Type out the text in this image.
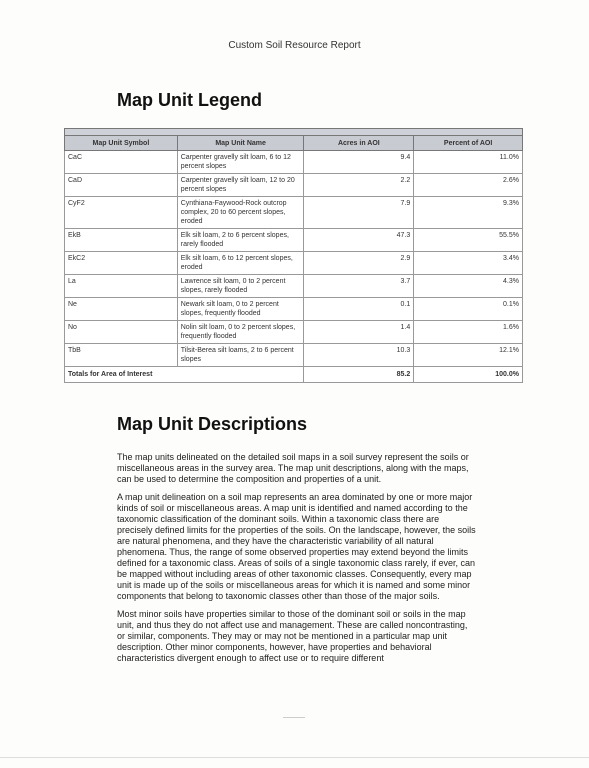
Custom Soil Resource Report
Map Unit Legend

Map Unit Symbol	Map Unit Name	Acres in AOI	Percent of AOI
CaC	Carpenter gravelly silt loam, 6 to 12 percent slopes	9.4	11.0%
CaD	Carpenter gravelly silt loam, 12 to 20 percent slopes	2.2	2.6%
CyF2	Cynthiana-Faywood-Rock outcrop complex, 20 to 60 percent slopes, eroded	7.9	9.3%
EkB	Elk silt loam, 2 to 6 percent slopes, rarely flooded	47.3	55.5%
EkC2	Elk silt loam, 6 to 12 percent slopes, eroded	2.9	3.4%
La	Lawrence silt loam, 0 to 2 percent slopes, rarely flooded	3.7	4.3%
Ne	Newark silt loam, 0 to 2 percent slopes, frequently flooded	0.1	0.1%
No	Nolin silt loam, 0 to 2 percent slopes, frequently flooded	1.4	1.6%
TbB	Tilsit-Berea silt loams, 2 to 6 percent slopes	10.3	12.1%
Totals for Area of Interest		85.2	100.0%
Map Unit Descriptions

The map units delineated on the detailed soil maps in a soil survey represent the soils or miscellaneous areas in the survey area. The map unit descriptions, along with the maps, can be used to determine the composition and properties of a unit.

A map unit delineation on a soil map represents an area dominated by one or more major kinds of soil or miscellaneous areas. A map unit is identified and named according to the taxonomic classification of the dominant soils. Within a taxonomic class there are precisely defined limits for the properties of the soils. On the landscape, however, the soils are natural phenomena, and they have the characteristic variability of all natural phenomena. Thus, the range of some observed properties may extend beyond the limits defined for a taxonomic class. Areas of soils of a single taxonomic class rarely, if ever, can be mapped without including areas of other taxonomic classes. Consequently, every map unit is made up of the soils or miscellaneous areas for which it is named and some minor components that belong to taxonomic classes other than those of the major soils.

Most minor soils have properties similar to those of the dominant soil or soils in the map unit, and thus they do not affect use and management. These are called noncontrasting, or similar, components. They may or may not be mentioned in a particular map unit description. Other minor components, however, have properties and behavioral characteristics divergent enough to affect use or to require different
